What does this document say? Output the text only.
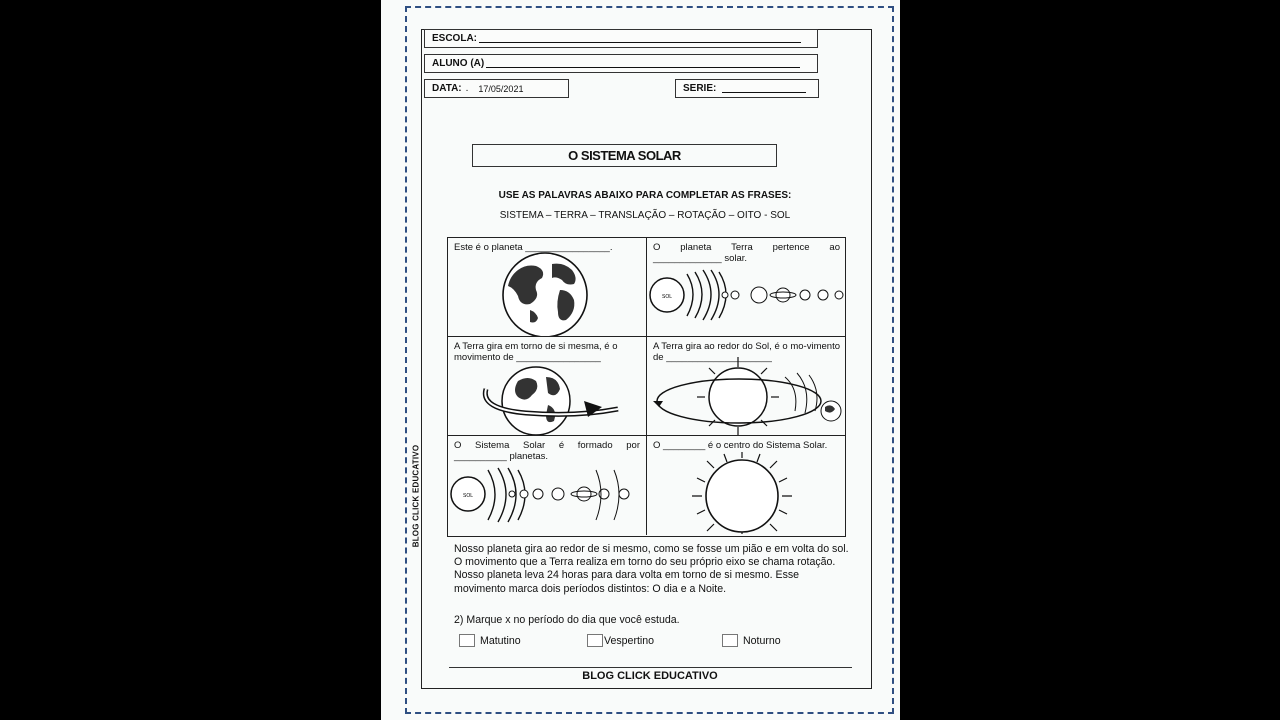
ESCOLA:
ALUNO (A)
DATA: . 17/05/2021	SERIE:
BLOG CLICK EDUCATIVO
O SISTEMA SOLAR
USE AS PALAVRAS ABAIXO PARA COMPLETAR AS FRASES:
SISTEMA – TERRA – TRANSLAÇÃO – ROTAÇÃO – OITO - SOL
Este é o planeta ________________.	O planeta Terra pertence ao _____________ solar.
SOL
A Terra gira em torno de si mesma, é o movimento de ________________
A Terra gira ao redor do Sol, é o mo-vimento de ____________________
O Sistema Solar é formado por __________ planetas.
SOL
O ________ é o centro do Sistema Solar.
Nosso planeta gira ao redor de si mesmo, como se fosse um pião e em volta do sol.
O movimento que a Terra realiza em torno do seu próprio eixo se chama rotação. Nosso planeta leva 24 horas para dara volta em torno de si mesmo. Esse movimento marca dois períodos distintos: O dia e a Noite.
2) Marque x no período do dia que você estuda.
Matutino	Vespertino	Noturno
BLOG CLICK EDUCATIVO
